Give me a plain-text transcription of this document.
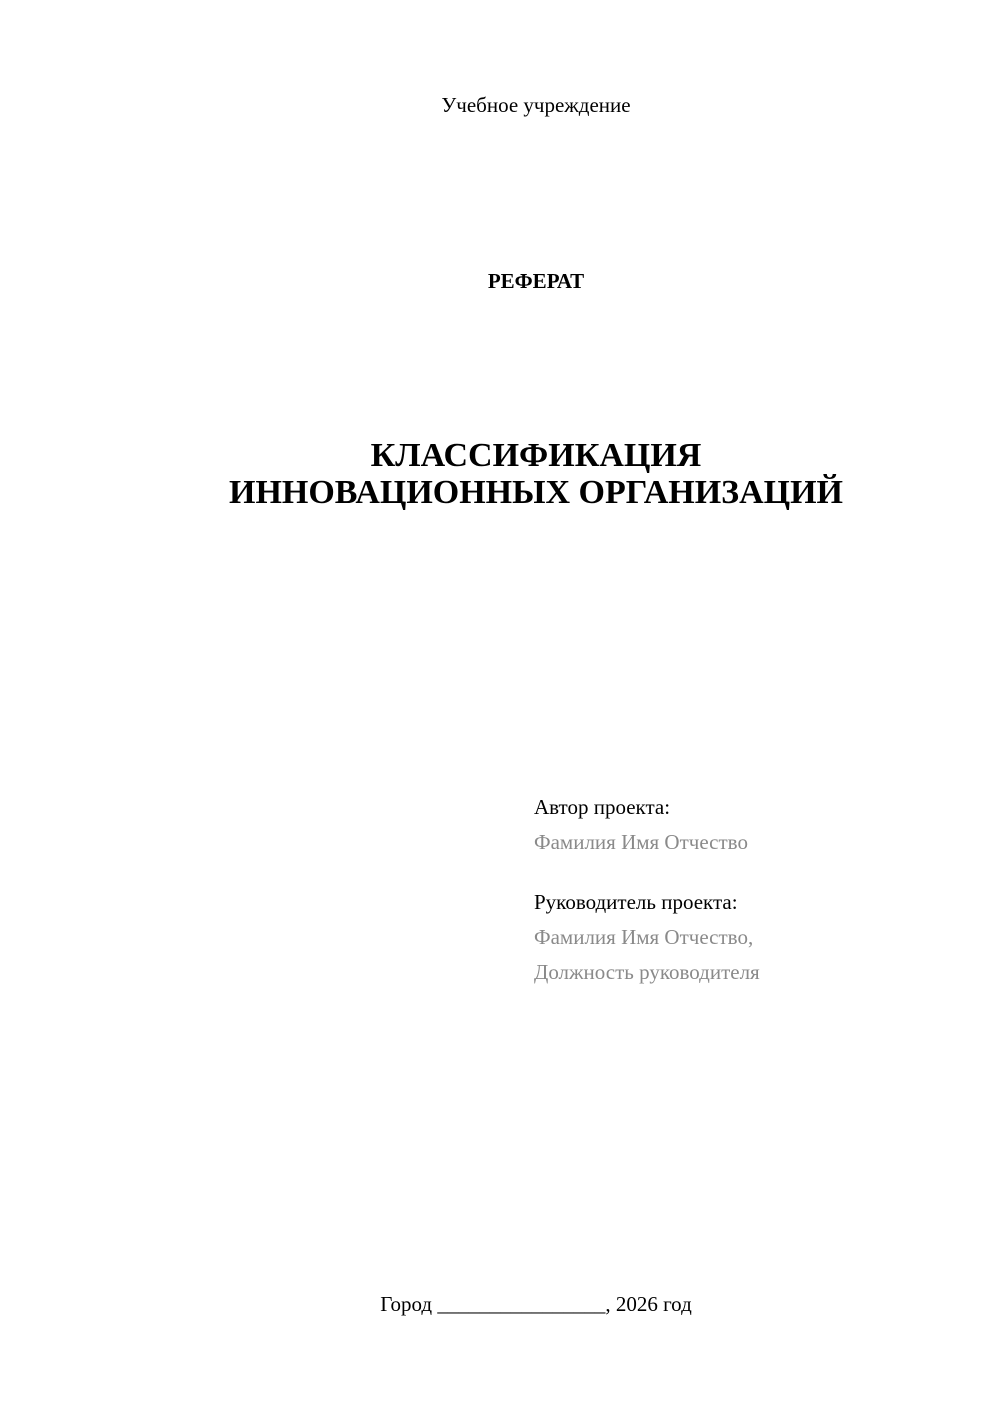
Учебное учреждение
РЕФЕРАТ
КЛАССИФИКАЦИЯ
ИННОВАЦИОННЫХ ОРГАНИЗАЦИЙ
Автор проекта:
Фамилия Имя Отчество
Руководитель проекта:
Фамилия Имя Отчество,
Должность руководителя
Город ________________, 2026 год
